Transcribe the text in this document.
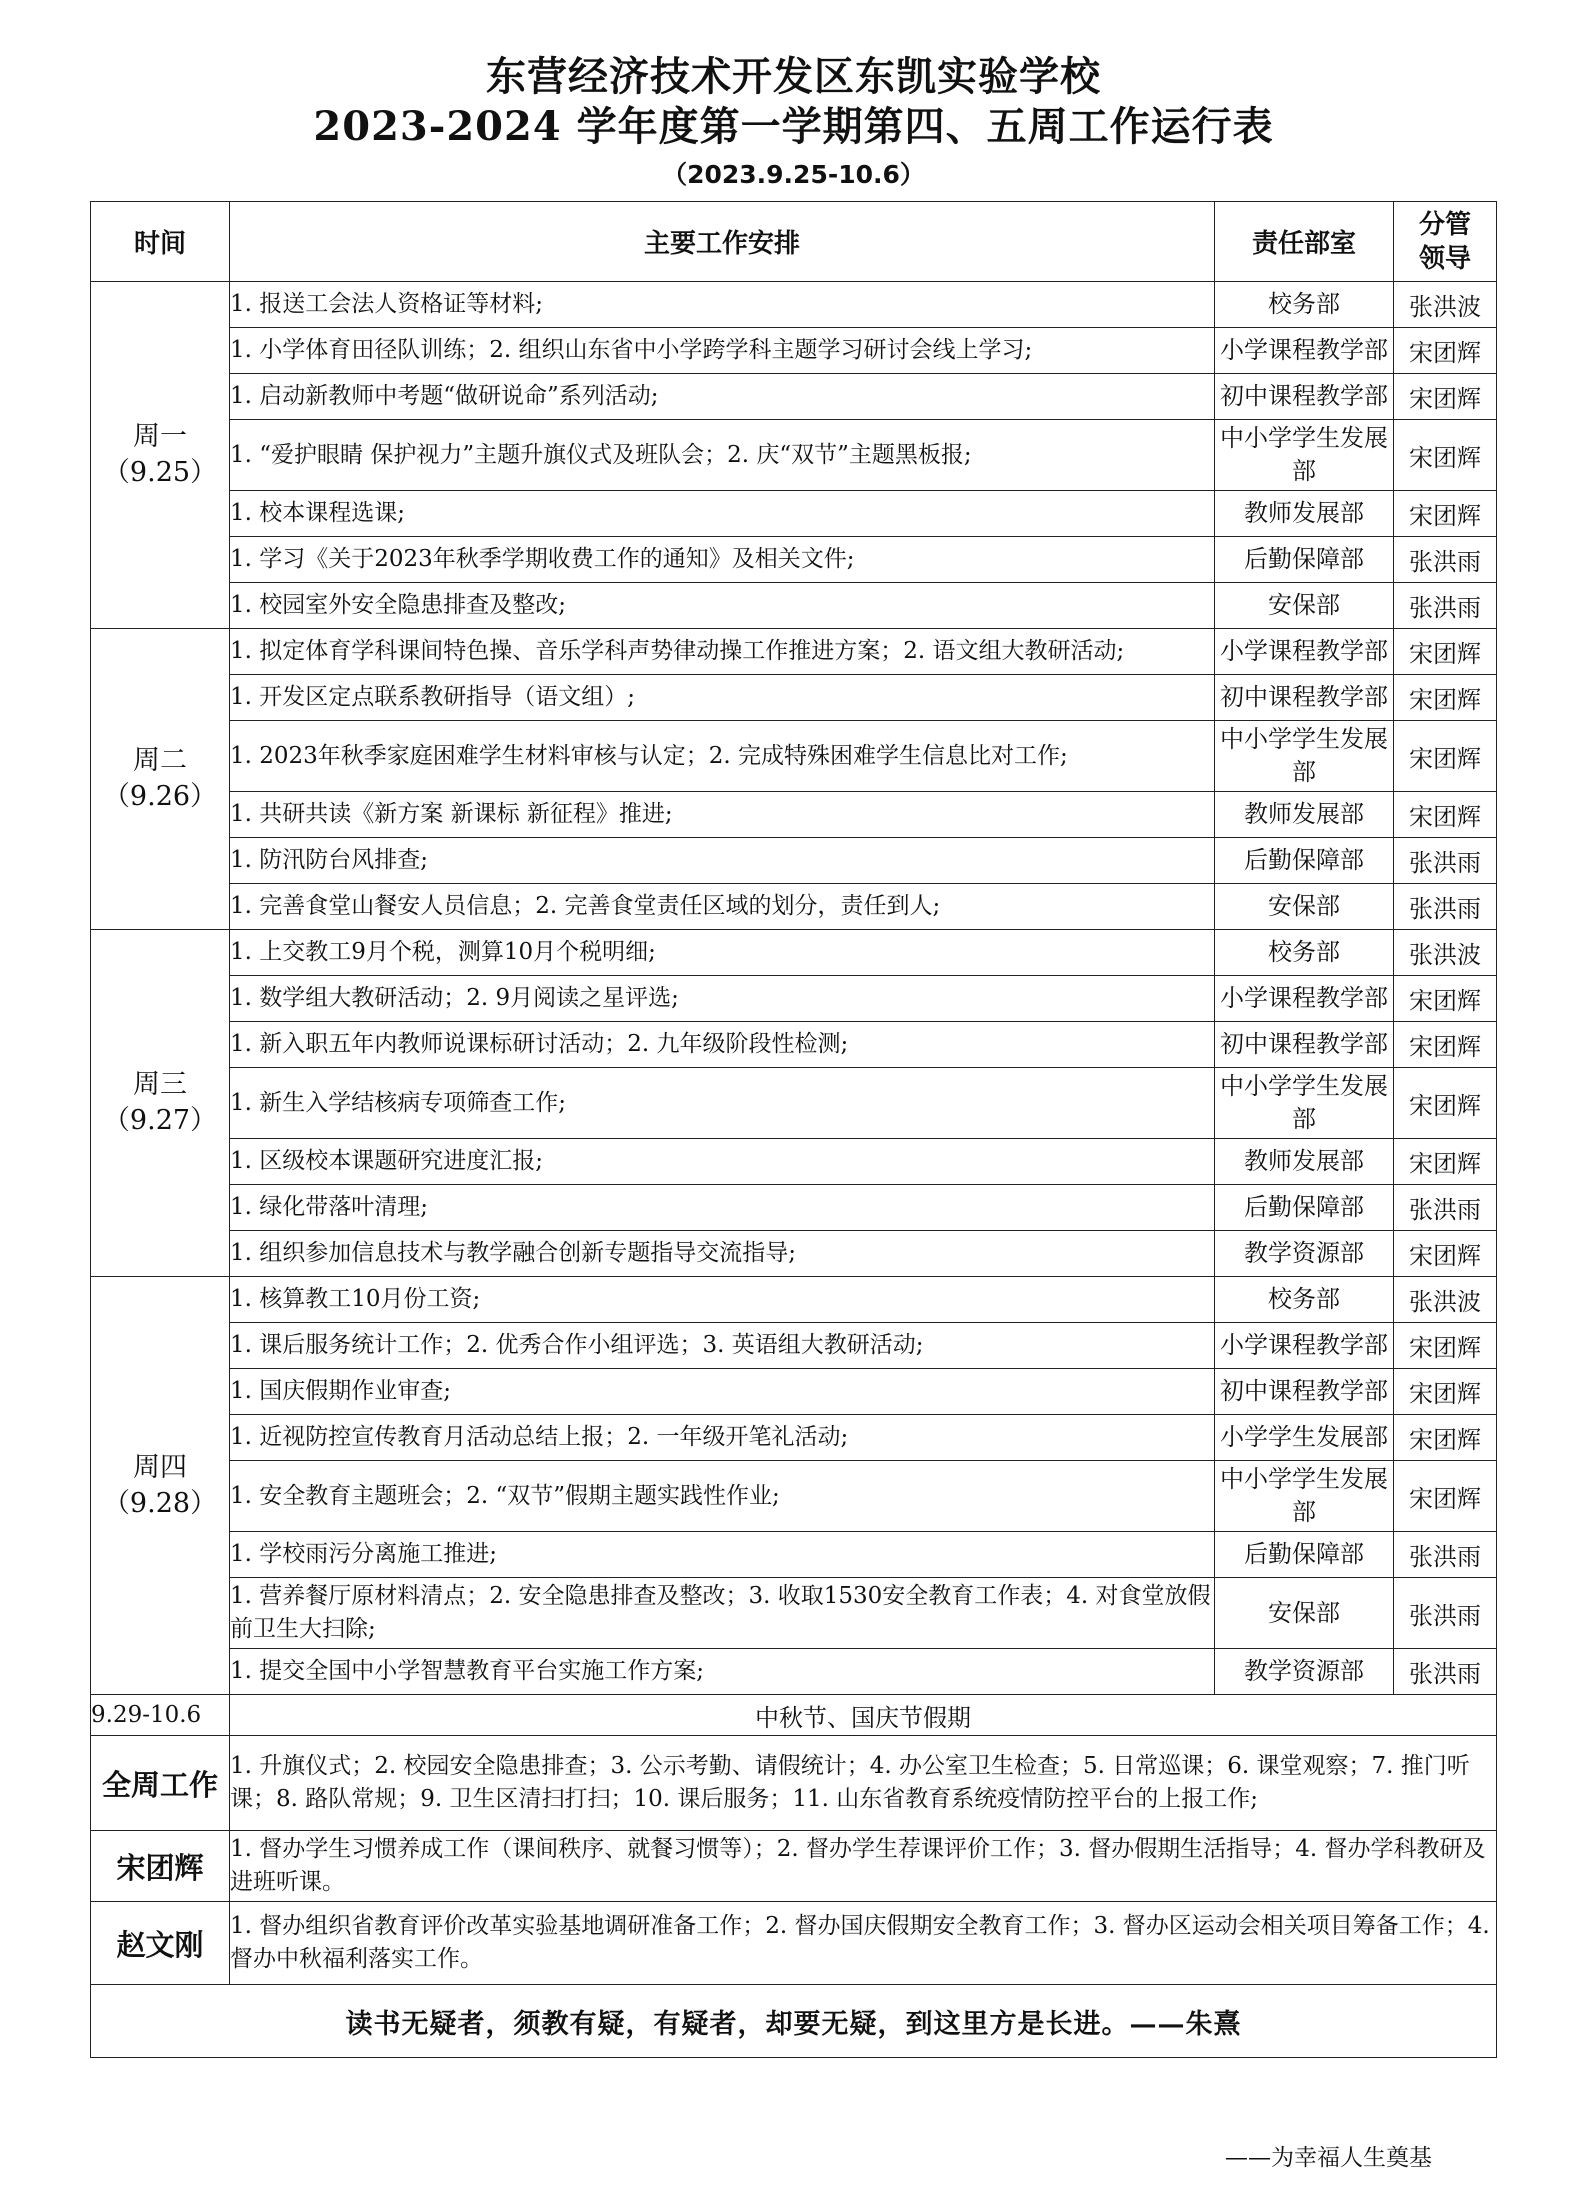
东营经济技术开发区东凯实验学校
2023-2024 学年度第一学期第四、五周工作运行表
（2023.9.25-10.6）
时间	主要工作安排	责任部室	分管
领导

周一
（9.25）	1. 报送工会法人资格证等材料;	校务部	张洪波
	1. 小学体育田径队训练；2. 组织山东省中小学跨学科主题学习研讨会线上学习;	小学课程教学部	宋团辉
	1. 启动新教师中考题“做研说命”系列活动;	初中课程教学部	宋团辉
	1. “爱护眼睛 保护视力”主题升旗仪式及班队会；2. 庆“双节”主题黑板报;	中小学学生发展部	宋团辉
	1. 校本课程选课;	教师发展部	宋团辉
	1. 学习《关于2023年秋季学期收费工作的通知》及相关文件;	后勤保障部	张洪雨
	1. 校园室外安全隐患排查及整改;	安保部	张洪雨

周二
（9.26）	1. 拟定体育学科课间特色操、音乐学科声势律动操工作推进方案；2. 语文组大教研活动;	小学课程教学部	宋团辉
	1. 开发区定点联系教研指导（语文组）;	初中课程教学部	宋团辉
	1. 2023年秋季家庭困难学生材料审核与认定；2. 完成特殊困难学生信息比对工作;	中小学学生发展部	宋团辉
	1. 共研共读《新方案 新课标 新征程》推进;	教师发展部	宋团辉
	1. 防汛防台风排查;	后勤保障部	张洪雨
	1. 完善食堂山餐安人员信息；2. 完善食堂责任区域的划分，责任到人;	安保部	张洪雨

周三
（9.27）	1. 上交教工9月个税，测算10月个税明细;	校务部	张洪波
	1. 数学组大教研活动；2. 9月阅读之星评选;	小学课程教学部	宋团辉
	1. 新入职五年内教师说课标研讨活动；2. 九年级阶段性检测;	初中课程教学部	宋团辉
	1. 新生入学结核病专项筛查工作;	中小学学生发展部	宋团辉
	1. 区级校本课题研究进度汇报;	教师发展部	宋团辉
	1. 绿化带落叶清理;	后勤保障部	张洪雨
	1. 组织参加信息技术与教学融合创新专题指导交流指导;	教学资源部	宋团辉

周四
（9.28）	1. 核算教工10月份工资;	校务部	张洪波
	1. 课后服务统计工作；2. 优秀合作小组评选；3. 英语组大教研活动;	小学课程教学部	宋团辉
	1. 国庆假期作业审查;	初中课程教学部	宋团辉
	1. 近视防控宣传教育月活动总结上报；2. 一年级开笔礼活动;	小学学生发展部	宋团辉
	1. 安全教育主题班会；2. “双节”假期主题实践性作业;	中小学学生发展部	宋团辉
	1. 学校雨污分离施工推进;	后勤保障部	张洪雨
	1. 营养餐厅原材料清点；2. 安全隐患排查及整改；3. 收取1530安全教育工作表；4. 对食堂放假前卫生大扫除;	安保部	张洪雨
	1. 提交全国中小学智慧教育平台实施工作方案;	教学资源部	张洪雨
9.29-10.6	中秋节、国庆节假期		
全周工作	1. 升旗仪式；2. 校园安全隐患排查；3. 公示考勤、请假统计；4. 办公室卫生检查；5. 日常巡课；6. 课堂观察；7. 推门听课；8. 路队常规；9. 卫生区清扫打扫；10. 课后服务；11. 山东省教育系统疫情防控平台的上报工作;		
宋团辉	1. 督办学生习惯养成工作（课间秩序、就餐习惯等）；2. 督办学生荐课评价工作；3. 督办假期生活指导；4. 督办学科教研及进班听课。		
赵文刚	1. 督办组织省教育评价改革实验基地调研准备工作；2. 督办国庆假期安全教育工作；3. 督办区运动会相关项目筹备工作；4. 督办中秋福利落实工作。		
读书无疑者，须教有疑，有疑者，却要无疑，到这里方是长进。——朱熹			
——为幸福人生奠基
